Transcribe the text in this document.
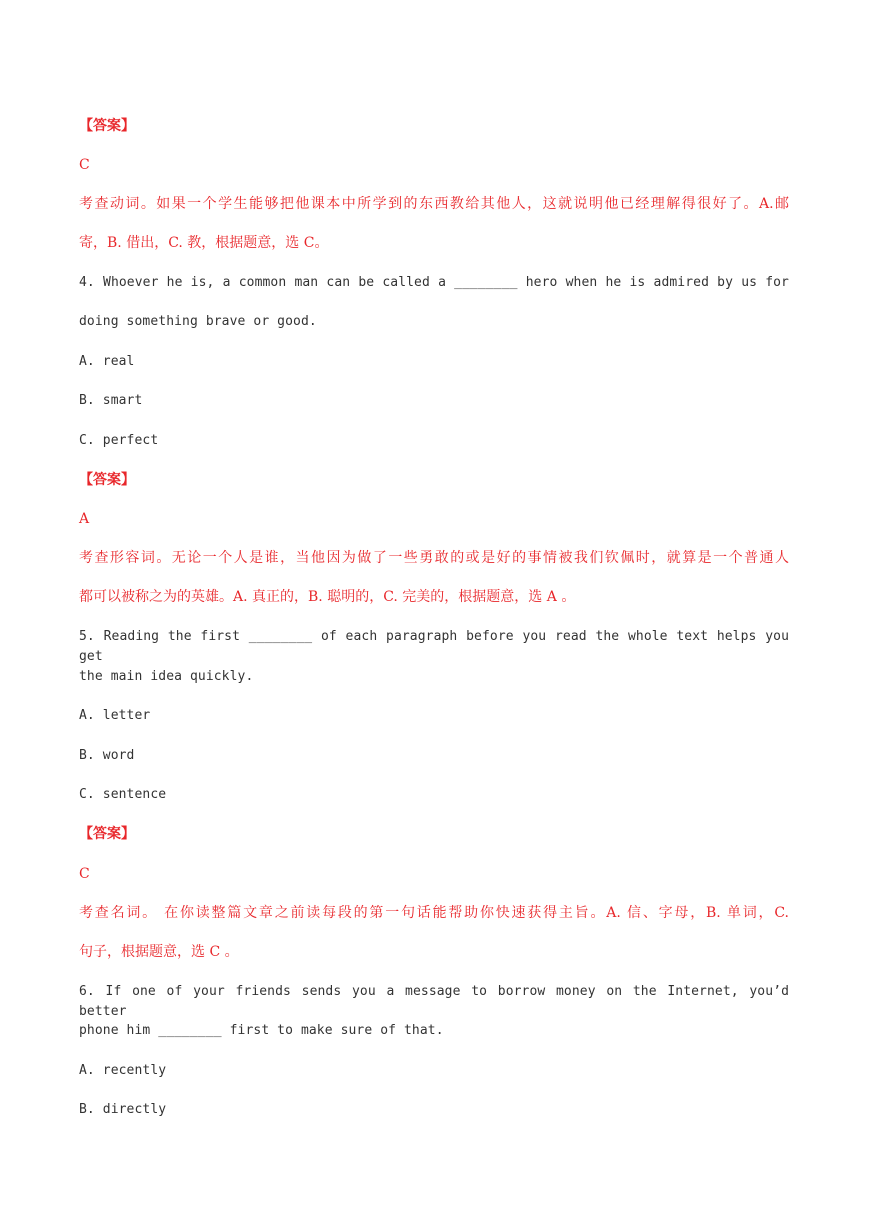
【答案】
C
考查动词。如果一个学生能够把他课本中所学到的东西教给其他人，这就说明他已经理解得很好了。A.邮
寄，B. 借出，C. 教，根据题意，选 C。
4. Whoever he is, a common man can be called a ________ hero when he is admired by us for
doing something brave or good.
A. real
B. smart
C. perfect
【答案】
A
考查形容词。无论一个人是谁，当他因为做了一些勇敢的或是好的事情被我们钦佩时，就算是一个普通人
都可以被称之为的英雄。A. 真正的，B. 聪明的，C. 完美的，根据题意，选 A 。
5. Reading the first ________ of each paragraph before you read the whole text helps you get
the main idea quickly.
A. letter
B. word
C. sentence
【答案】
C
考查名词。 在你读整篇文章之前读每段的第一句话能帮助你快速获得主旨。A. 信、字母，B. 单词，C.
句子，根据题意，选 C 。
6. If one of your friends sends you a message to borrow money on the Internet, you’d better
phone him ________ first to make sure of that.
A. recently
B. directly
